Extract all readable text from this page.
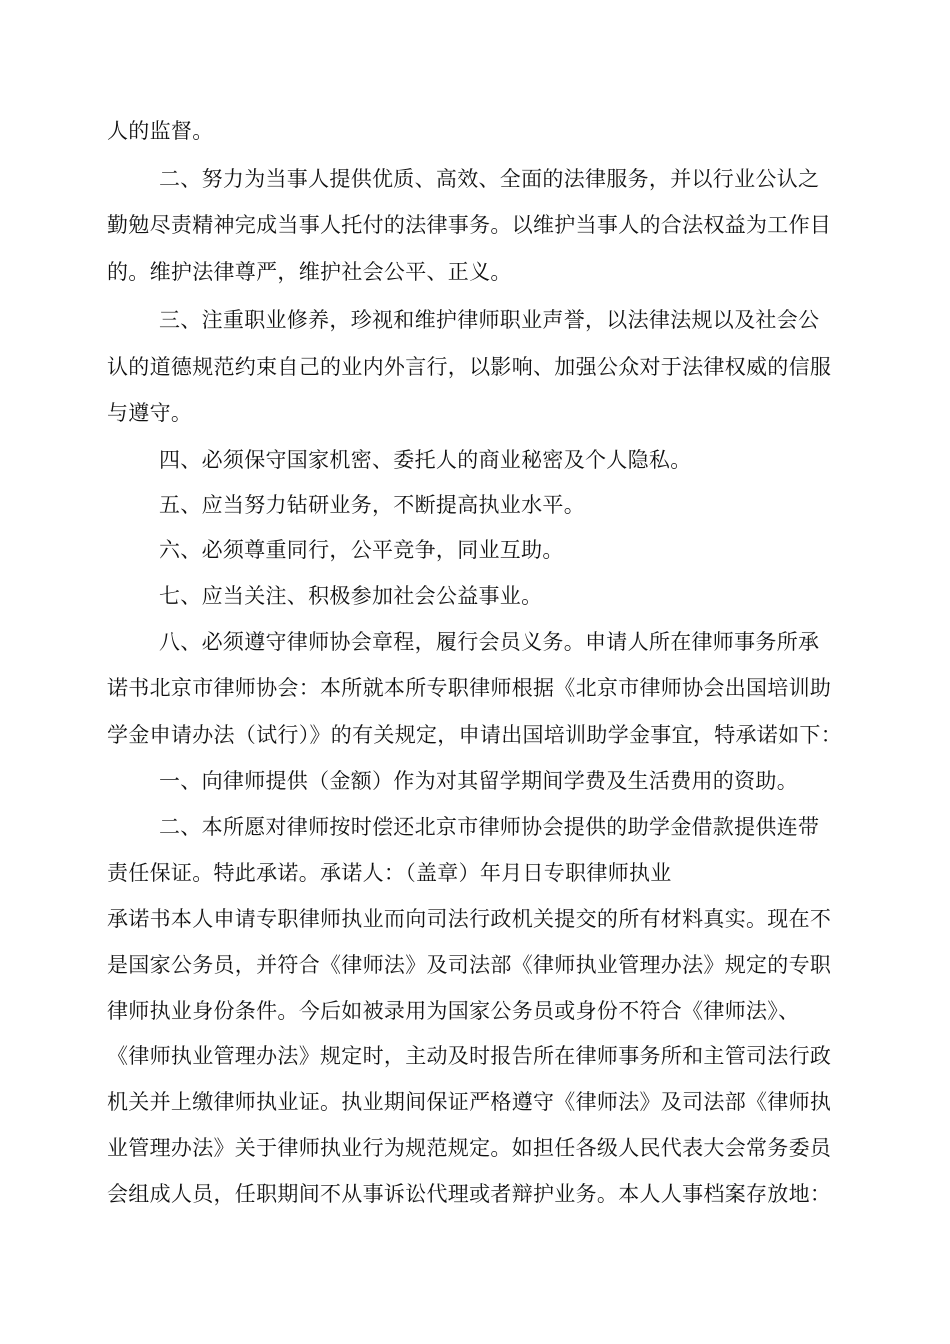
人的监督。
二、努力为当事人提供优质、高效、全面的法律服务，并以行业公认之
勤勉尽责精神完成当事人托付的法律事务。以维护当事人的合法权益为工作目
的。维护法律尊严，维护社会公平、正义。
三、注重职业修养，珍视和维护律师职业声誉，以法律法规以及社会公
认的道德规范约束自己的业内外言行，以影响、加强公众对于法律权威的信服
与遵守。
四、必须保守国家机密、委托人的商业秘密及个人隐私。
五、应当努力钻研业务，不断提高执业水平。
六、必须尊重同行，公平竞争，同业互助。
七、应当关注、积极参加社会公益事业。
八、必须遵守律师协会章程，履行会员义务。申请人所在律师事务所承
诺书北京市律师协会：本所就本所专职律师根据《北京市律师协会出国培训助
学金申请办法（试行）》的有关规定，申请出国培训助学金事宜，特承诺如下：
一、向律师提供（金额）作为对其留学期间学费及生活费用的资助。
二、本所愿对律师按时偿还北京市律师协会提供的助学金借款提供连带
责任保证。特此承诺。承诺人：（盖章）年月日专职律师执业
承诺书本人申请专职律师执业而向司法行政机关提交的所有材料真实。现在不
是国家公务员，并符合《律师法》及司法部《律师执业管理办法》规定的专职
律师执业身份条件。今后如被录用为国家公务员或身份不符合《律师法》、
《律师执业管理办法》规定时，主动及时报告所在律师事务所和主管司法行政
机关并上缴律师执业证。执业期间保证严格遵守《律师法》及司法部《律师执
业管理办法》关于律师执业行为规范规定。如担任各级人民代表大会常务委员
会组成人员，任职期间不从事诉讼代理或者辩护业务。本人人事档案存放地：
